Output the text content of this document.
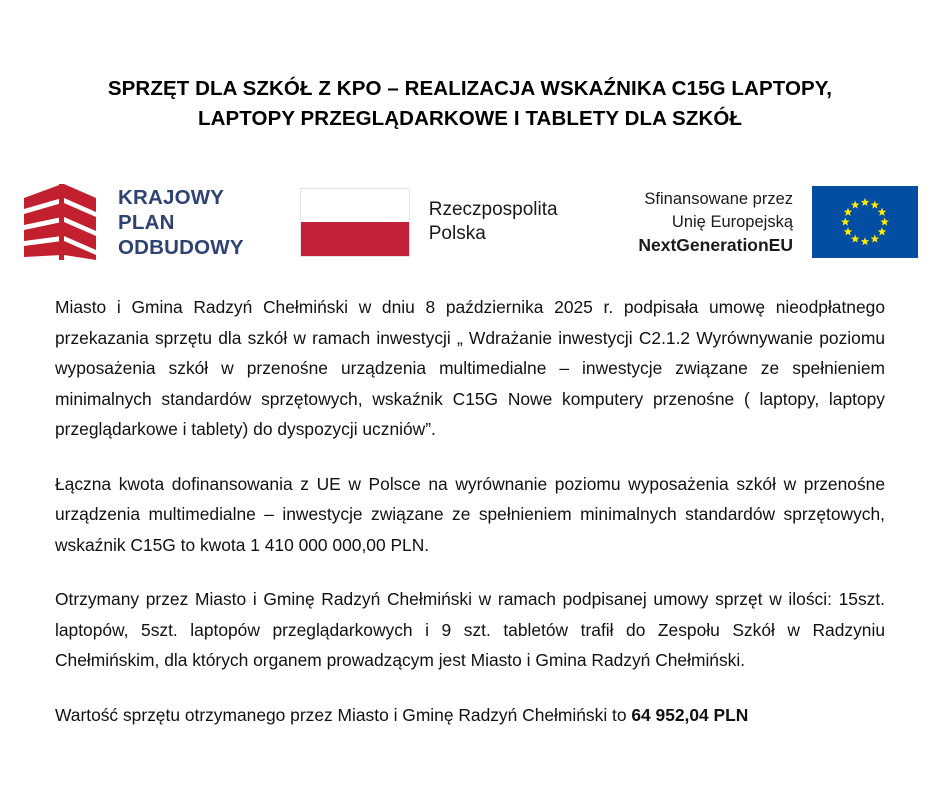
SPRZĘT DLA SZKÓŁ Z KPO – REALIZACJA WSKAŹNIKA C15G LAPTOPY,
LAPTOPY PRZEGLĄDARKOWE I TABLETY DLA SZKÓŁ
KRAJOWY
PLAN
ODBUDOWY
Rzeczpospolita
Polska
Sfinansowane przez
Unię Europejską
NextGenerationEU

Miasto i Gmina Radzyń Chełmiński w dniu 8 października 2025 r. podpisała umowę nieodpłatnego przekazania sprzętu dla szkół w ramach inwestycji „ Wdrażanie inwestycji C2.1.2 Wyrównywanie poziomu wyposażenia szkół w przenośne urządzenia multimedialne – inwestycje związane ze spełnieniem minimalnych standardów sprzętowych, wskaźnik C15G Nowe komputery przenośne ( laptopy, laptopy przeglądarkowe i tablety) do dyspozycji uczniów”.

Łączna kwota dofinansowania z UE w Polsce na wyrównanie poziomu wyposażenia szkół w przenośne urządzenia multimedialne – inwestycje związane ze spełnieniem minimalnych standardów sprzętowych, wskaźnik C15G to kwota 1 410 000 000,00 PLN.

Otrzymany przez Miasto i Gminę Radzyń Chełmiński w ramach podpisanej umowy sprzęt w ilości: 15szt. laptopów, 5szt. laptopów przeglądarkowych i 9 szt. tabletów trafił do Zespołu Szkół w Radzyniu Chełmińskim, dla których organem prowadzącym jest Miasto i Gmina Radzyń Chełmiński.

Wartość sprzętu otrzymanego przez Miasto i Gminę Radzyń Chełmiński to 64 952,04 PLN
